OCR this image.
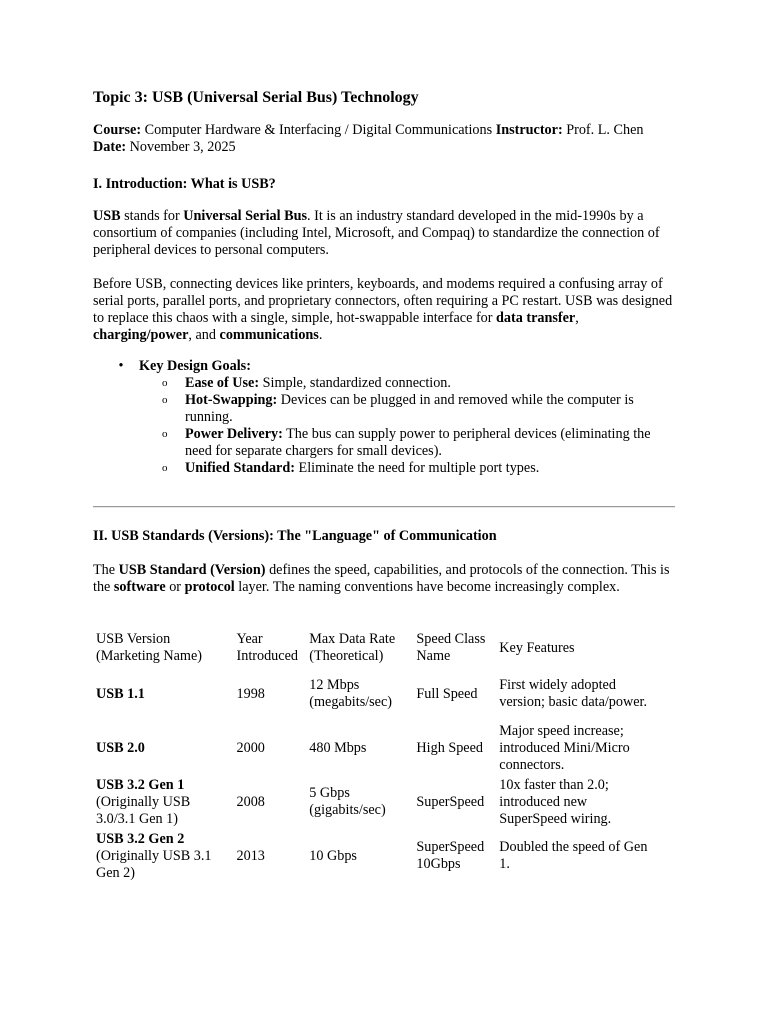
Topic 3: USB (Universal Serial Bus) Technology
Course: Computer Hardware & Interfacing / Digital Communications Instructor: Prof. L. Chen Date: November 3, 2025
I. Introduction: What is USB?
USB stands for Universal Serial Bus. It is an industry standard developed in the mid-1990s by a consortium of companies (including Intel, Microsoft, and Compaq) to standardize the connection of peripheral devices to personal computers.
Before USB, connecting devices like printers, keyboards, and modems required a confusing array of serial ports, parallel ports, and proprietary connectors, often requiring a PC restart. USB was designed to replace this chaos with a single, simple, hot-swappable interface for data transfer, charging/power, and communications.
• Key Design Goals:
o Ease of Use: Simple, standardized connection.
o Hot-Swapping: Devices can be plugged in and removed while the computer is running.
o Power Delivery: The bus can supply power to peripheral devices (eliminating the need for separate chargers for small devices).
o Unified Standard: Eliminate the need for multiple port types.
II. USB Standards (Versions): The "Language" of Communication
The USB Standard (Version) defines the speed, capabilities, and protocols of the connection. This is the software or protocol layer. The naming conventions have become increasingly complex.
USB Version (Marketing Name)	Year Introduced	Max Data Rate (Theoretical)	Speed Class Name	Key Features
USB 1.1	1998	12 Mbps (megabits/sec)	Full Speed	First widely adopted version; basic data/power.
USB 2.0	2000	480 Mbps	High Speed	Major speed increase; introduced Mini/Micro connectors.
USB 3.2 Gen 1 (Originally USB 3.0/3.1 Gen 1)	2008	5 Gbps (gigabits/sec)	SuperSpeed	10x faster than 2.0; introduced new SuperSpeed wiring.
USB 3.2 Gen 2 (Originally USB 3.1 Gen 2)	2013	10 Gbps	SuperSpeed 10Gbps	Doubled the speed of Gen 1.
